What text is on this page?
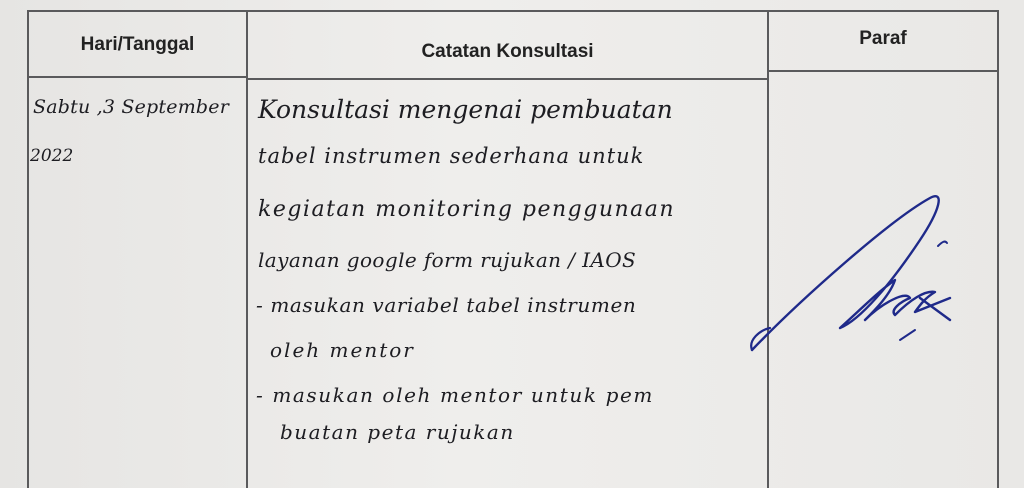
Hari/Tanggal	Catatan Konsultasi
Paraf
Sabtu ,3 September
2022
Konsultasi mengenai pembuatan
tabel instrumen sederhana untuk
kegiatan monitoring penggunaan
layanan google form rujukan / IAOS
- masukan variabel tabel instrumen
oleh mentor
- masukan oleh mentor untuk pem
buatan peta rujukan
